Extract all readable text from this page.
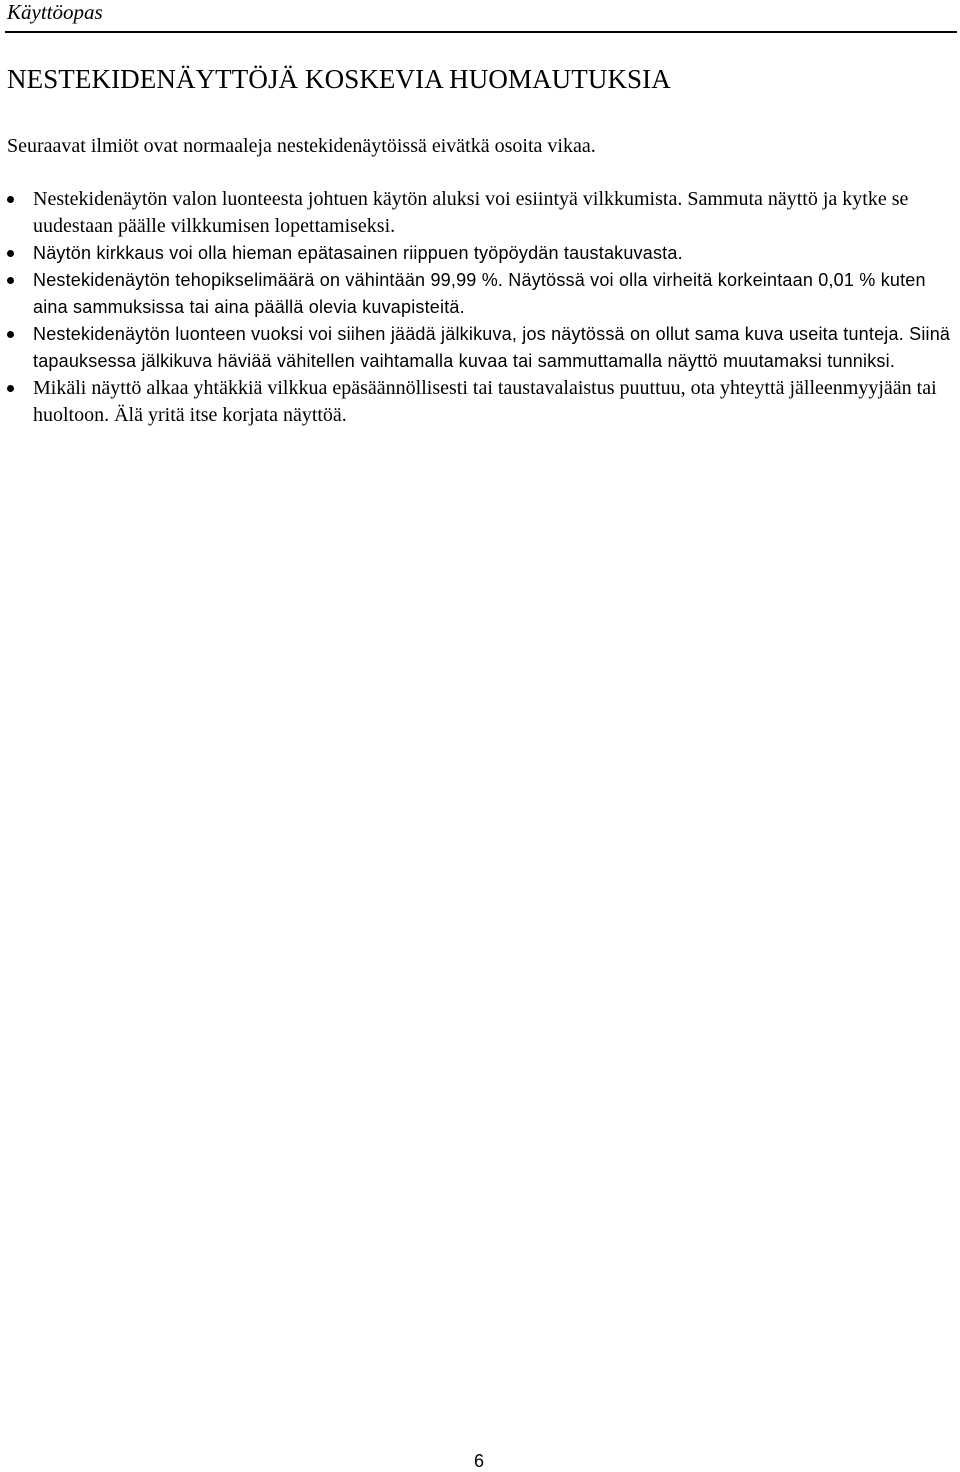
Käyttöopas
NESTEKIDENÄYTTÖJÄ KOSKEVIA HUOMAUTUKSIA

Seuraavat ilmiöt ovat normaaleja nestekidenäytöissä eivätkä osoita vikaa.

Nestekidenäytön valon luonteesta johtuen käytön aluksi voi esiintyä vilkkumista. Sammuta näyttö ja kytke se uudestaan päälle vilkkumisen lopettamiseksi.
Näytön kirkkaus voi olla hieman epätasainen riippuen työpöydän taustakuvasta.
Nestekidenäytön tehopikselimäärä on vähintään 99,99 %. Näytössä voi olla virheitä korkeintaan 0,01 % kuten aina sammuksissa tai aina päällä olevia kuvapisteitä.
Nestekidenäytön luonteen vuoksi voi siihen jäädä jälkikuva, jos näytössä on ollut sama kuva useita tunteja. Siinä tapauksessa jälkikuva häviää vähitellen vaihtamalla kuvaa tai sammuttamalla näyttö muutamaksi tunniksi.
Mikäli näyttö alkaa yhtäkkiä vilkkua epäsäännöllisesti tai taustavalaistus puuttuu, ota yhteyttä jälleenmyyjään tai huoltoon. Älä yritä itse korjata näyttöä.
6
